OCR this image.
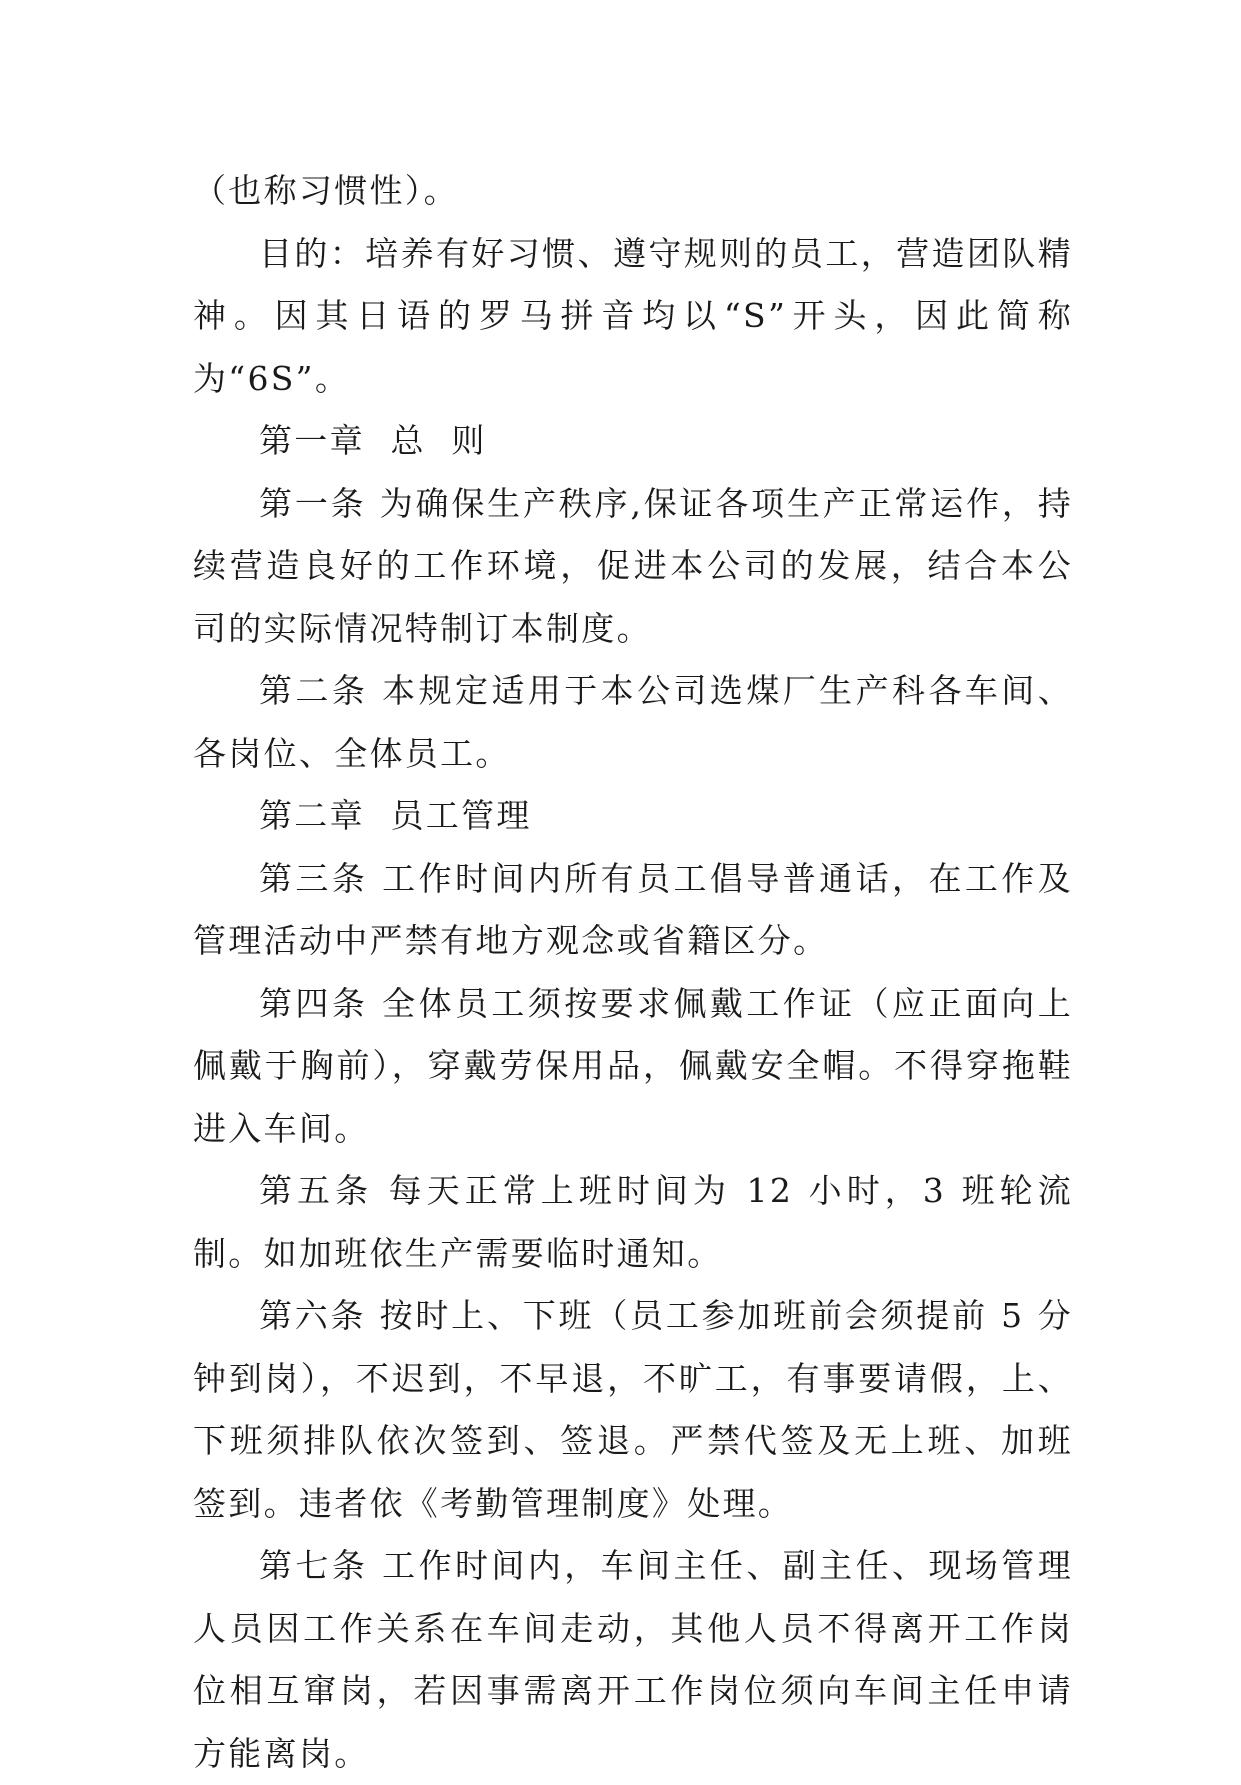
（也称习惯性）。

目的：培养有好习惯、遵守规则的员工，营造团队精神。因其日语的罗马拼音均以“S”开头，因此简称为“6S”。

第一章  总  则

第一条 为确保生产秩序,保证各项生产正常运作，持续营造良好的工作环境，促进本公司的发展，结合本公司的实际情况特制订本制度。

第二条 本规定适用于本公司选煤厂生产科各车间、各岗位、全体员工。

第二章  员工管理

第三条 工作时间内所有员工倡导普通话，在工作及管理活动中严禁有地方观念或省籍区分。

第四条 全体员工须按要求佩戴工作证（应正面向上佩戴于胸前），穿戴劳保用品，佩戴安全帽。不得穿拖鞋进入车间。

第五条 每天正常上班时间为 12 小时，3 班轮流制。如加班依生产需要临时通知。

第六条 按时上、下班（员工参加班前会须提前 5 分钟到岗），不迟到，不早退，不旷工，有事要请假，上、下班须排队依次签到、签退。严禁代签及无上班、加班签到。违者依《考勤管理制度》处理。

第七条 工作时间内，车间主任、副主任、现场管理人员因工作关系在车间走动，其他人员不得离开工作岗位相互窜岗，若因事需离开工作岗位须向车间主任申请方能离岗。
